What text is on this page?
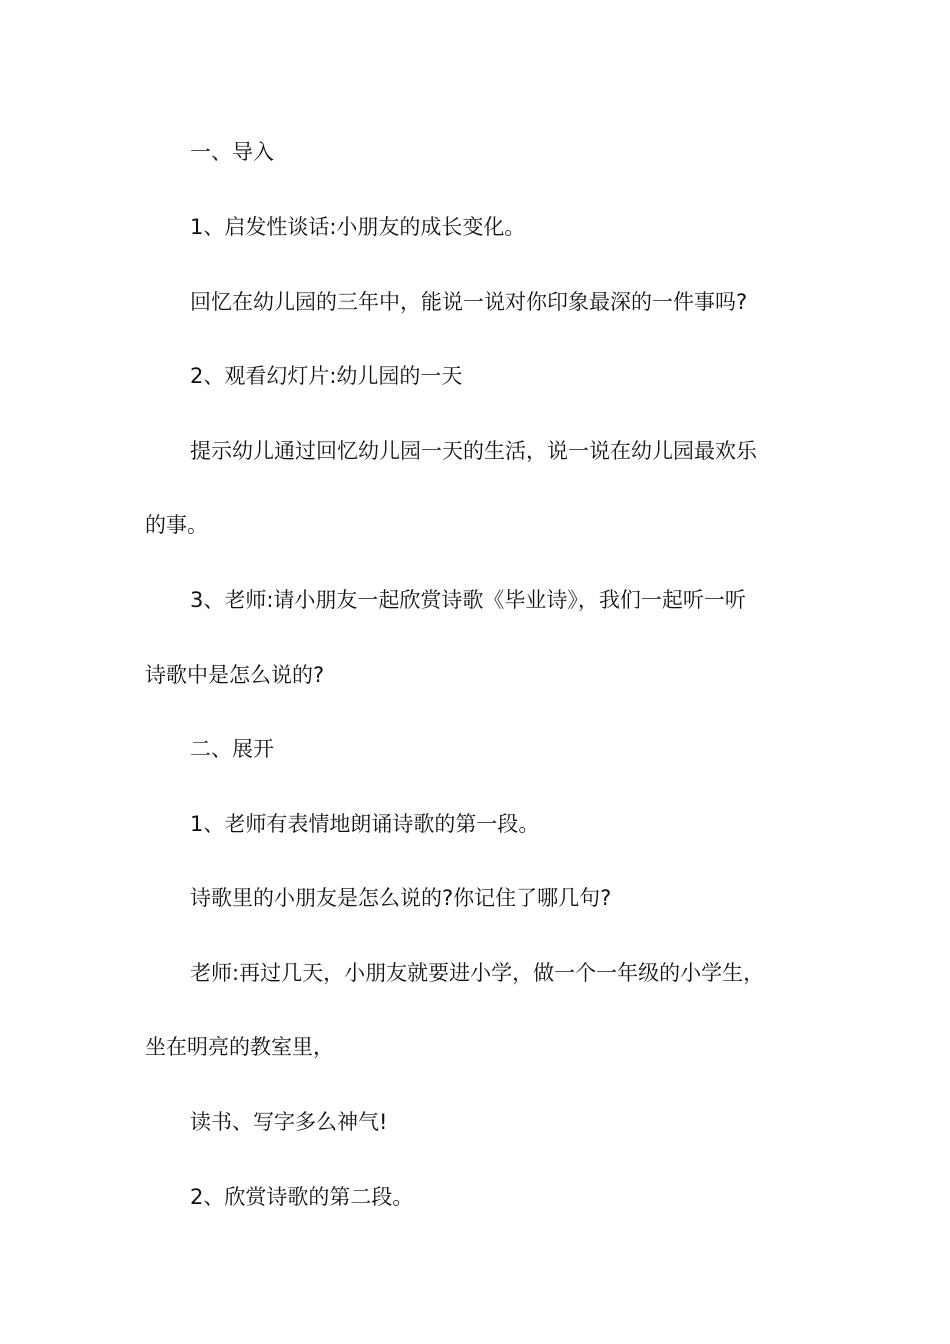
一、导入
1、启发性谈话:小朋友的成长变化。
回忆在幼儿园的三年中，能说一说对你印象最深的一件事吗?
2、观看幻灯片:幼儿园的一天
提示幼儿通过回忆幼儿园一天的生活，说一说在幼儿园最欢乐
的事。
3、老师:请小朋友一起欣赏诗歌《毕业诗》，我们一起听一听
诗歌中是怎么说的?
二、展开
1、老师有表情地朗诵诗歌的第一段。
诗歌里的小朋友是怎么说的?你记住了哪几句?
老师:再过几天，小朋友就要进小学，做一个一年级的小学生，
坐在明亮的教室里，
读书、写字多么神气!
2、欣赏诗歌的第二段。
